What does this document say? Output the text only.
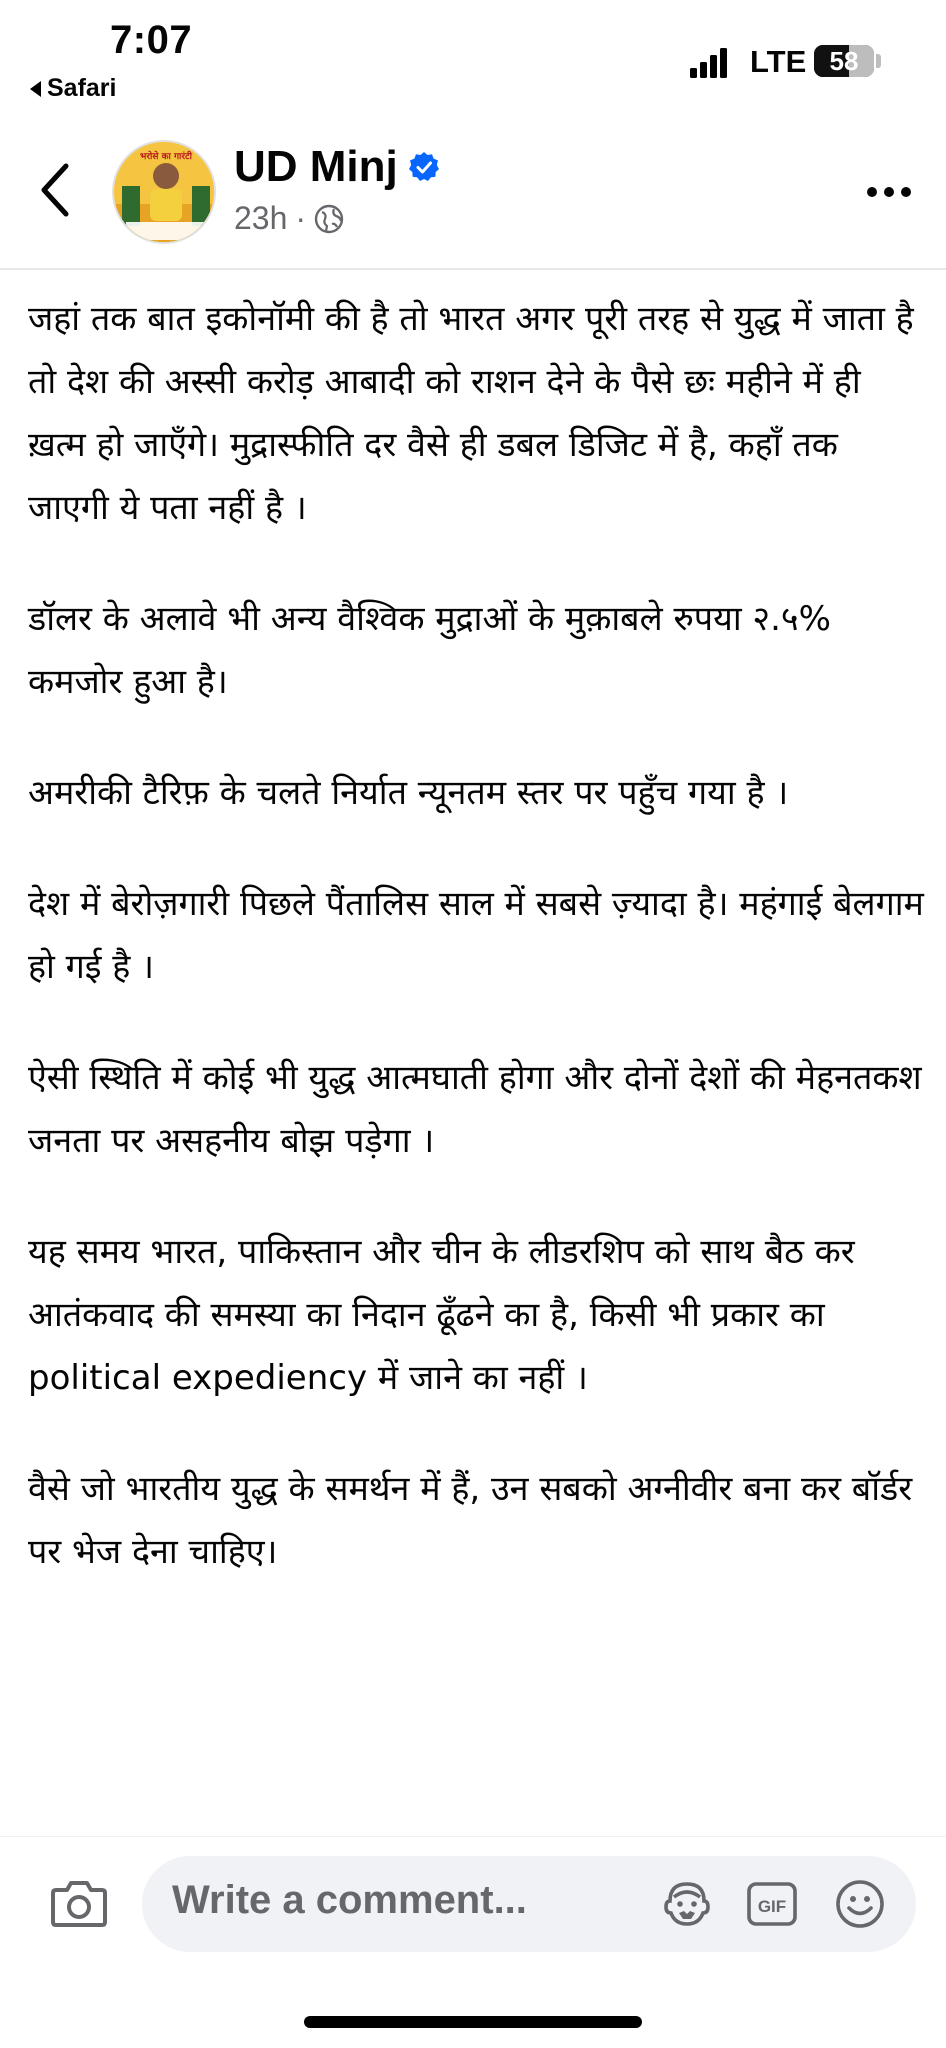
7:07
Safari
LTE 58
भरोसे का गारंटी UD Minj
23h ·

जहां तक बात इकोनॉमी की है तो भारत अगर पूरी तरह से युद्ध में जाता है तो देश की अस्सी करोड़ आबादी को राशन देने के पैसे छः महीने में ही ख़त्म हो जाएँगे। मुद्रास्फीति दर वैसे ही डबल डिजिट में है, कहाँ तक जाएगी ये पता नहीं है ।

डॉलर के अलावे भी अन्य वैश्विक मुद्राओं के मुक़ाबले रुपया २.५% कमजोर हुआ है।

अमरीकी टैरिफ़ के चलते निर्यात न्यूनतम स्तर पर पहुँच गया है ।

देश में बेरोज़गारी पिछले पैंतालिस साल में सबसे ज़्यादा है। महंगाई बेलगाम हो गई है ।

ऐसी स्थिति में कोई भी युद्ध आत्मघाती होगा और दोनों देशों की मेहनतकश जनता पर असहनीय बोझ पड़ेगा ।

यह समय भारत, पाकिस्तान और चीन के लीडरशिप को साथ बैठ कर आतंकवाद की समस्या का निदान ढूँढने का है, किसी भी प्रकार का political expediency में जाने का नहीं ।

वैसे जो भारतीय युद्ध के समर्थन में हैं, उन सबको अग्नीवीर बना कर बॉर्डर पर भेज देना चाहिए।

Write a comment...	GIF
